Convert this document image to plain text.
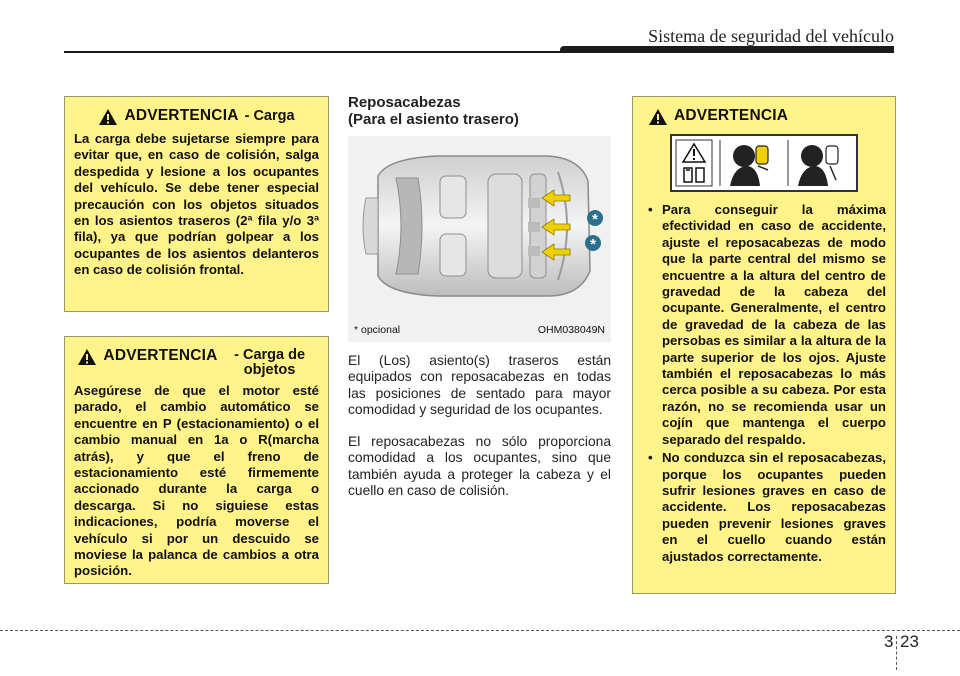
Sistema de seguridad del vehículo
ADVERTENCIA - Carga
La carga debe sujetarse siempre para evitar que, en caso de colisión, salga despedida y lesione a los ocupantes del vehículo. Se debe tener especial precaución con los objetos situados en los asientos traseros (2ª fila y/o 3ª fila), ya que podrían golpear a los ocupantes de los asientos delanteros en caso de colisión frontal.
ADVERTENCIA	- Carga de objetos
Asegúrese de que el motor esté parado, el cambio automático se encuentre en P (estacionamiento) o el cambio manual en 1a o R(marcha atrás), y que el freno de estacionamiento esté firmemente accionado durante la carga o descarga. Si no siguiese estas indicaciones, podría moverse el vehículo si por un descuido se moviese la palanca de cambios a otra posición.
Reposacabezas
(Para el asiento trasero)
*
*
* opcional	OHM038049N

El (Los) asiento(s) traseros están equipados con reposacabezas en todas las posiciones de sentado para mayor comodidad y seguridad de los ocupantes.

El reposacabezas no sólo proporciona comodidad a los ocupantes, sino que también ayuda a proteger la cabeza y el cuello en caso de colisión.

ADVERTENCIA
• Para conseguir la máxima efectividad en caso de accidente, ajuste el reposacabezas de modo que la parte central del mismo se encuentre a la altura del centro de gravedad de la cabeza del ocupante. Generalmente, el centro de gravedad de la cabeza de las persobas es similar a la altura de la parte superior de los ojos. Ajuste también el reposacabezas lo más cerca posible a su cabeza. Por esta razón, no se recomienda usar un cojín que mantenga el cuerpo separado del respaldo.
• No conduzca sin el reposacabezas, porque los ocupantes pueden sufrir lesiones graves en caso de accidente. Los reposacabezas pueden prevenir lesiones graves en el cuello cuando están ajustados correctamente.
3 23
